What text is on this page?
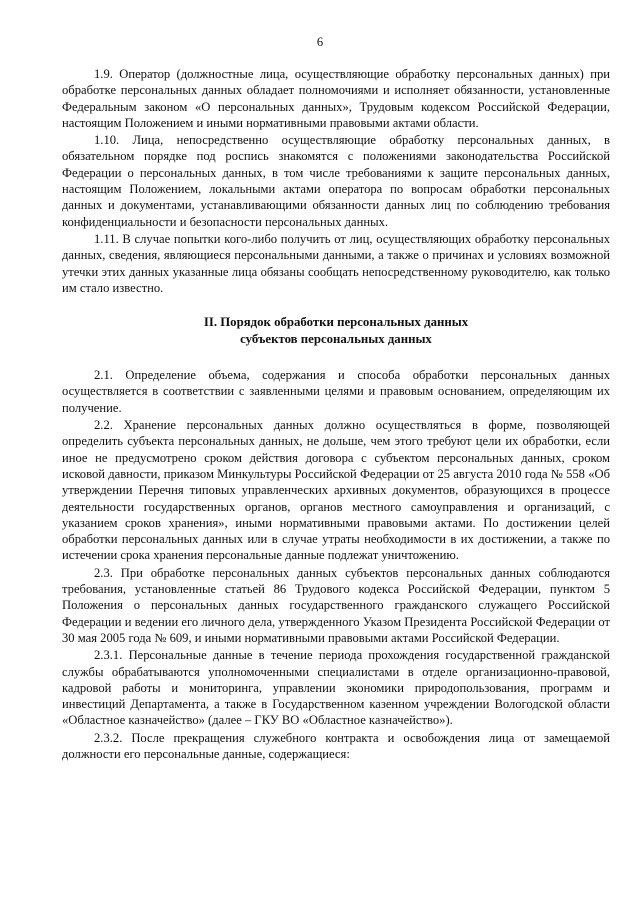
6

1.9. Оператор (должностные лица, осуществляющие обработку персональных данных) при обработке персональных данных обладает полномочиями и исполняет обязанности, установленные Федеральным законом «О персональных данных», Трудовым кодексом Российской Федерации, настоящим Положением и иными нормативными правовыми актами области.

1.10. Лица, непосредственно осуществляющие обработку персональных данных, в обязательном порядке под роспись знакомятся с положениями законодательства Российской Федерации о персональных данных, в том числе требованиями к защите персональных данных, настоящим Положением, локальными актами оператора по вопросам обработки персональных данных и документами, устанавливающими обязанности данных лиц по соблюдению требования конфиденциальности и безопасности персональных данных.

1.11. В случае попытки кого-либо получить от лиц, осуществляющих обработку персональных данных, сведения, являющиеся персональными данными, а также о причинах и условиях возможной утечки этих данных указанные лица обязаны сообщать непосредственному руководителю, как только им стало известно.

II. Порядок обработки персональных данных
субъектов персональных данных

2.1. Определение объема, содержания и способа обработки персональных данных осуществляется в соответствии с заявленными целями и правовым основанием, определяющим их получение.

2.2. Хранение персональных данных должно осуществляться в форме, позволяющей определить субъекта персональных данных, не дольше, чем этого требуют цели их обработки, если иное не предусмотрено сроком действия договора с субъектом персональных данных, сроком исковой давности, приказом Минкультуры Российской Федерации от 25 августа 2010 года № 558 «Об утверждении Перечня типовых управленческих архивных документов, образующихся в процессе деятельности государственных органов, органов местного самоуправления и организаций, с указанием сроков хранения», иными нормативными правовыми актами. По достижении целей обработки персональных данных или в случае утраты необходимости в их достижении, а также по истечении срока хранения персональные данные подлежат уничтожению.

2.3. При обработке персональных данных субъектов персональных данных соблюдаются требования, установленные статьей 86 Трудового кодекса Российской Федерации, пунктом 5 Положения о персональных данных государственного гражданского служащего Российской Федерации и ведении его личного дела, утвержденного Указом Президента Российской Федерации от 30 мая 2005 года № 609, и иными нормативными правовыми актами Российской Федерации.

2.3.1. Персональные данные в течение периода прохождения государственной гражданской службы обрабатываются уполномоченными специалистами в отделе организационно-правовой, кадровой работы и мониторинга, управлении экономики природопользования, программ и инвестиций Департамента, а также в Государственном казенном учреждении Вологодской области «Областное казначейство» (далее – ГКУ ВО «Областное казначейство»).

2.3.2. После прекращения служебного контракта и освобождения лица от замещаемой должности его персональные данные, содержащиеся:
